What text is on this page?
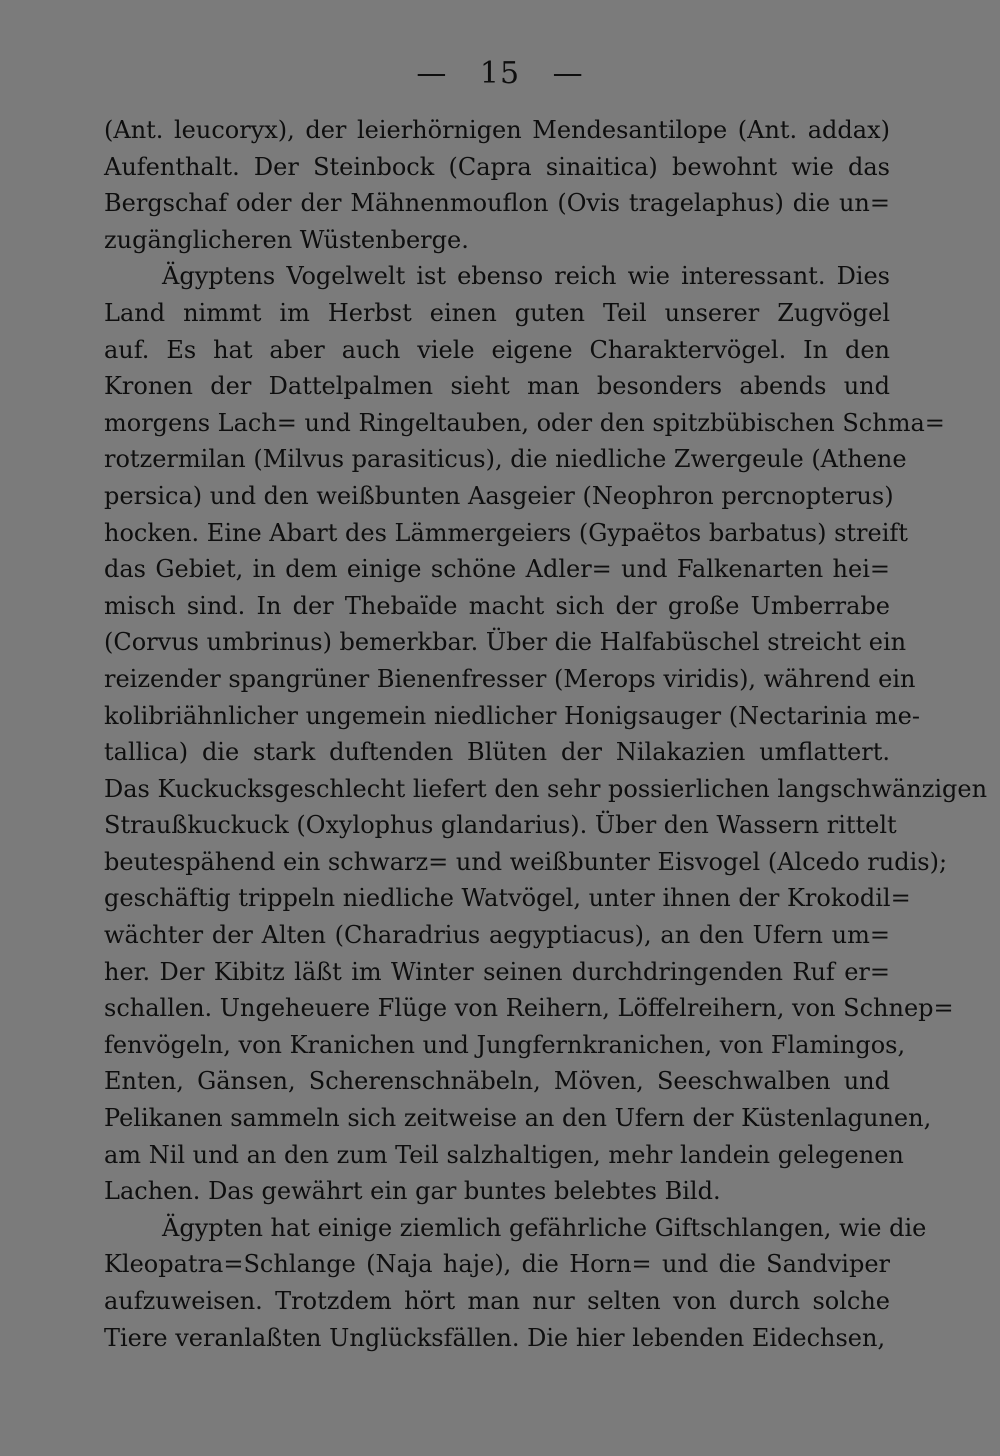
— 15 —
(Ant. leucoryx), der leierhörnigen Mendesantilope (Ant. addax)
Aufenthalt. Der Steinbock (Capra sinaitica) bewohnt wie das
Bergschaf oder der Mähnenmouflon (Ovis tragelaphus) die un=
zugänglicheren Wüstenberge.
Ägyptens Vogelwelt ist ebenso reich wie interessant. Dies
Land nimmt im Herbst einen guten Teil unserer Zugvögel
auf. Es hat aber auch viele eigene Charaktervögel. In den
Kronen der Dattelpalmen sieht man besonders abends und
morgens Lach= und Ringeltauben, oder den spitzbübischen Schma=
rotzermilan (Milvus parasiticus), die niedliche Zwergeule (Athene
persica) und den weißbunten Aasgeier (Neophron percnopterus)
hocken. Eine Abart des Lämmergeiers (Gypaëtos barbatus) streift
das Gebiet, in dem einige schöne Adler= und Falkenarten hei=
misch sind. In der Thebaïde macht sich der große Umberrabe
(Corvus umbrinus) bemerkbar. Über die Halfabüschel streicht ein
reizender spangrüner Bienenfresser (Merops viridis), während ein
kolibriähnlicher ungemein niedlicher Honigsauger (Nectarinia me-
tallica) die stark duftenden Blüten der Nilakazien umflattert.
Das Kuckucksgeschlecht liefert den sehr possierlichen langschwänzigen
Straußkuckuck (Oxylophus glandarius). Über den Wassern rittelt
beutespähend ein schwarz= und weißbunter Eisvogel (Alcedo rudis);
geschäftig trippeln niedliche Watvögel, unter ihnen der Krokodil=
wächter der Alten (Charadrius aegyptiacus), an den Ufern um=
her. Der Kibitz läßt im Winter seinen durchdringenden Ruf er=
schallen. Ungeheuere Flüge von Reihern, Löffelreihern, von Schnep=
fenvögeln, von Kranichen und Jungfernkranichen, von Flamingos,
Enten, Gänsen, Scherenschnäbeln, Möven, Seeschwalben und
Pelikanen sammeln sich zeitweise an den Ufern der Küstenlagunen,
am Nil und an den zum Teil salzhaltigen, mehr landein gelegenen
Lachen. Das gewährt ein gar buntes belebtes Bild.
Ägypten hat einige ziemlich gefährliche Giftschlangen, wie die
Kleopatra=Schlange (Naja haje), die Horn= und die Sandviper
aufzuweisen. Trotzdem hört man nur selten von durch solche
Tiere veranlaßten Unglücksfällen. Die hier lebenden Eidechsen,
